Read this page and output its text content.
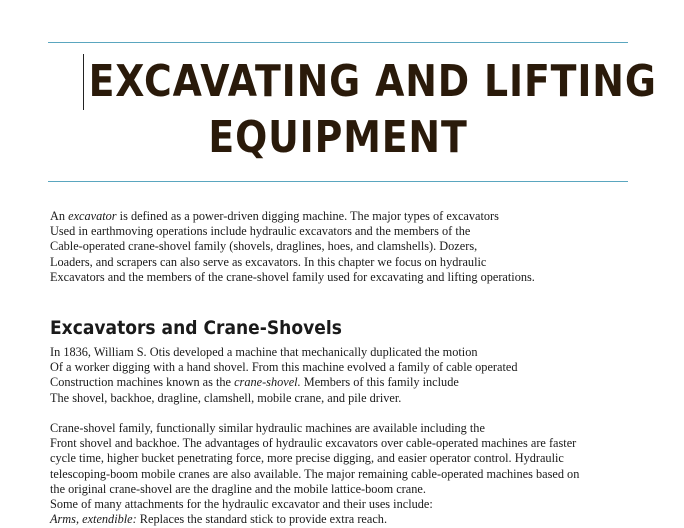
EXCAVATING AND LIFTING
EQUIPMENT
An excavator is defined as a power-driven digging machine. The major types of excavators
Used in earthmoving operations include hydraulic excavators and the members of the
Cable-operated crane-shovel family (shovels, draglines, hoes, and clamshells). Dozers,
Loaders, and scrapers can also serve as excavators. In this chapter we focus on hydraulic
Excavators and the members of the crane-shovel family used for excavating and lifting operations.
Excavators and Crane-Shovels
In 1836, William S. Otis developed a machine that mechanically duplicated the motion
Of a worker digging with a hand shovel. From this machine evolved a family of cable operated
Construction machines known as the crane-shovel. Members of this family include
The shovel, backhoe, dragline, clamshell, mobile crane, and pile driver.
Crane-shovel family, functionally similar hydraulic machines are available including the
Front shovel and backhoe. The advantages of hydraulic excavators over cable-operated machines are faster
cycle time, higher bucket penetrating force, more precise digging, and easier operator control. Hydraulic
telescoping-boom mobile cranes are also available. The major remaining cable-operated machines based on
the original crane-shovel are the dragline and the mobile lattice-boom crane.
Some of many attachments for the hydraulic excavator and their uses include:
Arms, extendible: Replaces the standard stick to provide extra reach.
